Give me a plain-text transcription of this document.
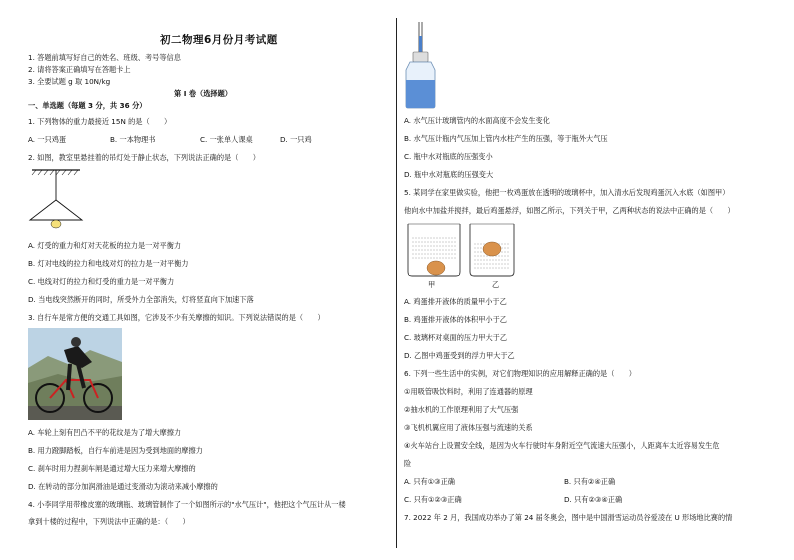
初二物理6月份月考试题
1. 答题前填写好自己的姓名、班级、考号等信息
2. 请将答案正确填写在答题卡上
3. 全要试题 g 取 10N/kg
第 I 卷（选择题）
一、单选题（每题 3 分，共 36 分）
1. 下列物体的重力最接近 15N 的是（　　）
A. 一只鸡蛋	B. 一本物理书	C. 一张单人课桌	D. 一只鸡
2. 如图，教室里悬挂着的吊灯处于静止状态，下列说法正确的是（　　）
A. 灯受的重力和灯对天花板的拉力是一对平衡力
B. 灯对电线的拉力和电线对灯的拉力是一对平衡力
C. 电线对灯的拉力和灯受的重力是一对平衡力
D. 当电线突然断开的同时，所受外力全部消失，灯将竖直向下加速下落
3. 自行车是常方便的交通工具如图，它涉及不少有关摩擦的知识。下列说法错误的是（　　）
A. 车轮上刻有凹凸不平的花纹是为了增大摩擦力
B. 用力蹬脚踏板，自行车前进是因为受到地面的摩擦力
C. 刹车时用力捏刹车闸是通过增大压力来增大摩擦的
D. 在转动的部分加润滑油是通过变滑动为滚动来减小摩擦的
4. 小李同学用带橡皮塞的玻璃瓶、玻璃管制作了一个如图所示的"水气压计"，他把这个气压计从一楼
拿到十楼的过程中，下列说法中正确的是：（　　）
A. 水气压计玻璃管内的水面高度不会发生变化
B. 水气压计瓶内气压加上管内水柱产生的压强，等于瓶外大气压
C. 瓶中水对瓶底的压强变小
D. 瓶中水对瓶底的压强变大
5. 某同学在家里做实验，他把一枚鸡蛋放在透明的玻璃杯中，加入清水后发现鸡蛋沉入水底（如图甲）
他向水中加盐并搅拌，最后鸡蛋悬浮，如图乙所示，下列关于甲，乙两种状态的说法中正确的是（　　）
甲	乙
A. 鸡蛋排开液体的质量甲小于乙
B. 鸡蛋排开液体的体积甲小于乙
C. 玻璃杯对桌面的压力甲大于乙
D. 乙图中鸡蛋受到的浮力甲大于乙
6. 下列一些生活中的实例，对它们物理知识的应用解释正确的是（　　）
①用吸管吸饮料时，利用了连通器的原理
②抽水机的工作原理利用了大气压强
③飞机机翼应用了液体压强与流速的关系
④火车站台上设置安全线，是因为火车行驶时车身附近空气流速大压强小，人距离车太近容易发生危
险
A. 只有①③正确	B. 只有②④正确
C. 只有①②③正确	D. 只有②③④正确
7. 2022 年 2 月，我国成功举办了第 24 届冬奥会，图中是中国滑雪运动员谷爱凌在 U 形场地比赛的情
